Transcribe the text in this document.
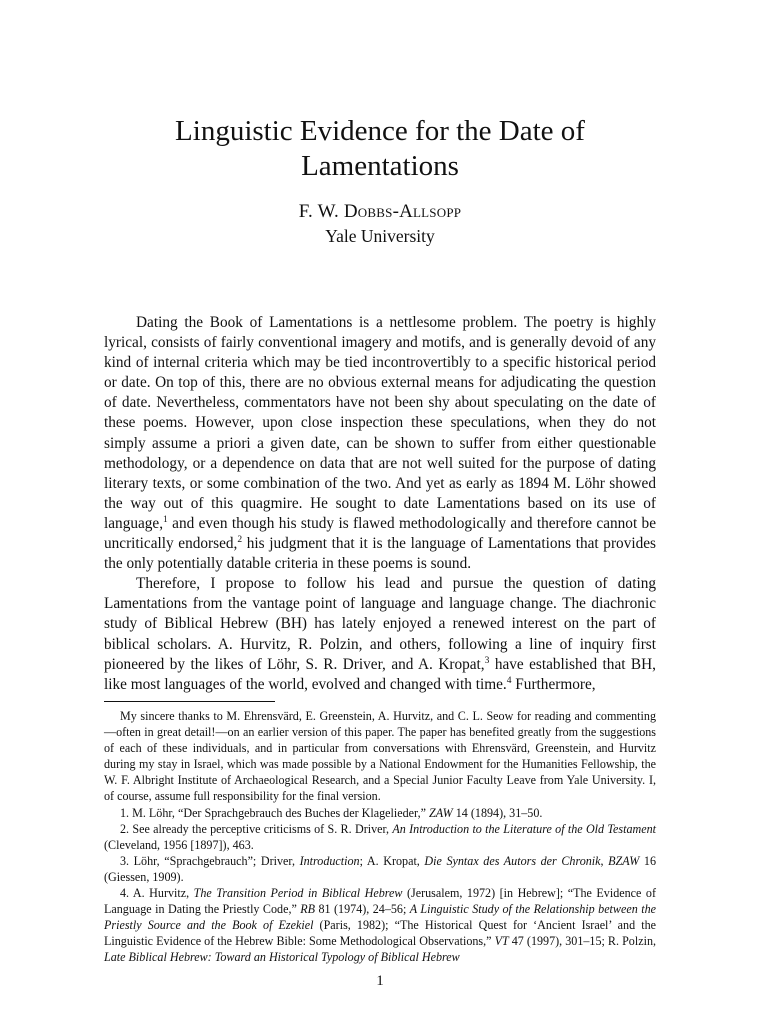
Linguistic Evidence for the Date of Lamentations
F. W. Dobbs-Allsopp
Yale University

Dating the Book of Lamentations is a nettlesome problem. The poetry is highly lyrical, consists of fairly conventional imagery and motifs, and is generally devoid of any kind of internal criteria which may be tied incontrovertibly to a specific historical period or date. On top of this, there are no obvious external means for adjudicating the question of date. Nevertheless, commentators have not been shy about speculating on the date of these poems. However, upon close inspection these speculations, when they do not simply assume a priori a given date, can be shown to suffer from either questionable methodology, or a dependence on data that are not well suited for the purpose of dating literary texts, or some combination of the two. And yet as early as 1894 M. Löhr showed the way out of this quagmire. He sought to date Lamentations based on its use of language,$^1$ and even though his study is flawed methodologically and therefore cannot be uncritically endorsed,$^2$ his judgment that it is the language of Lamentations that provides the only potentially datable criteria in these poems is sound.

Therefore, I propose to follow his lead and pursue the question of dating Lamentations from the vantage point of language and language change. The diachronic study of Biblical Hebrew (BH) has lately enjoyed a renewed interest on the part of biblical scholars. A. Hurvitz, R. Polzin, and others, following a line of inquiry first pioneered by the likes of Löhr, S. R. Driver, and A. Kropat,$^3$ have established that BH, like most languages of the world, evolved and changed with time.$^4$ Furthermore,

My sincere thanks to M. Ehrensvärd, E. Greenstein, A. Hurvitz, and C. L. Seow for reading and commenting—often in great detail!—on an earlier version of this paper. The paper has benefited greatly from the suggestions of each of these individuals, and in particular from conversations with Ehrensvärd, Greenstein, and Hurvitz during my stay in Israel, which was made possible by a National Endowment for the Humanities Fellowship, the W. F. Albright Institute of Archaeological Research, and a Special Junior Faculty Leave from Yale University. I, of course, assume full responsibility for the final version.

1. M. Löhr, “Der Sprachgebrauch des Buches der Klagelieder,” ZAW 14 (1894), 31–50.

2. See already the perceptive criticisms of S. R. Driver, An Introduction to the Literature of the Old Testament (Cleveland, 1956 [1897]), 463.

3. Löhr, “Sprachgebrauch”; Driver, Introduction; A. Kropat, Die Syntax des Autors der Chronik, BZAW 16 (Giessen, 1909).

4. A. Hurvitz, The Transition Period in Biblical Hebrew (Jerusalem, 1972) [in Hebrew]; “The Evidence of Language in Dating the Priestly Code,” RB 81 (1974), 24–56; A Linguistic Study of the Relationship between the Priestly Source and the Book of Ezekiel (Paris, 1982); “The Historical Quest for ‘Ancient Israel’ and the Linguistic Evidence of the Hebrew Bible: Some Methodological Observations,” VT 47 (1997), 301–15; R. Polzin, Late Biblical Hebrew: Toward an Historical Typology of Biblical Hebrew

1
